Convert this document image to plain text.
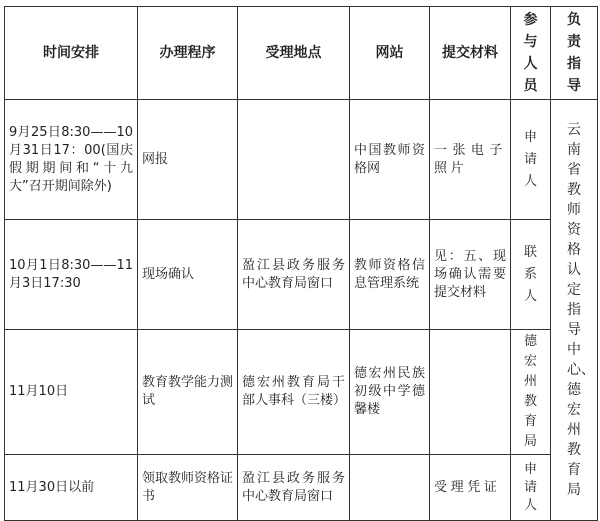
时间安排	办理程序	受理地点	网站	提交材料	参与人员	负责指导

9月25日8:30——10月31日17：00(国庆假期期间和“十九大”召开期间除外)	网报		中国教师资格网	一张电子照片	申请人	云南省教师资格认定指导中心、德宏州教育局

10月1日8:30——11月3日17:30	现场确认	盈江县政务服务中心教育局窗口	教师资格信息管理系统	见：五、现场确认需要提交材料	联系人	

11月10日	教育教学能力测试	德宏州教育局干部人事科（三楼）	德宏州民族初级中学德馨楼		德宏州教育局	

11月30日以前	领取教师资格证书	盈江县政务服务中心教育局窗口		受理凭证	申请人	
